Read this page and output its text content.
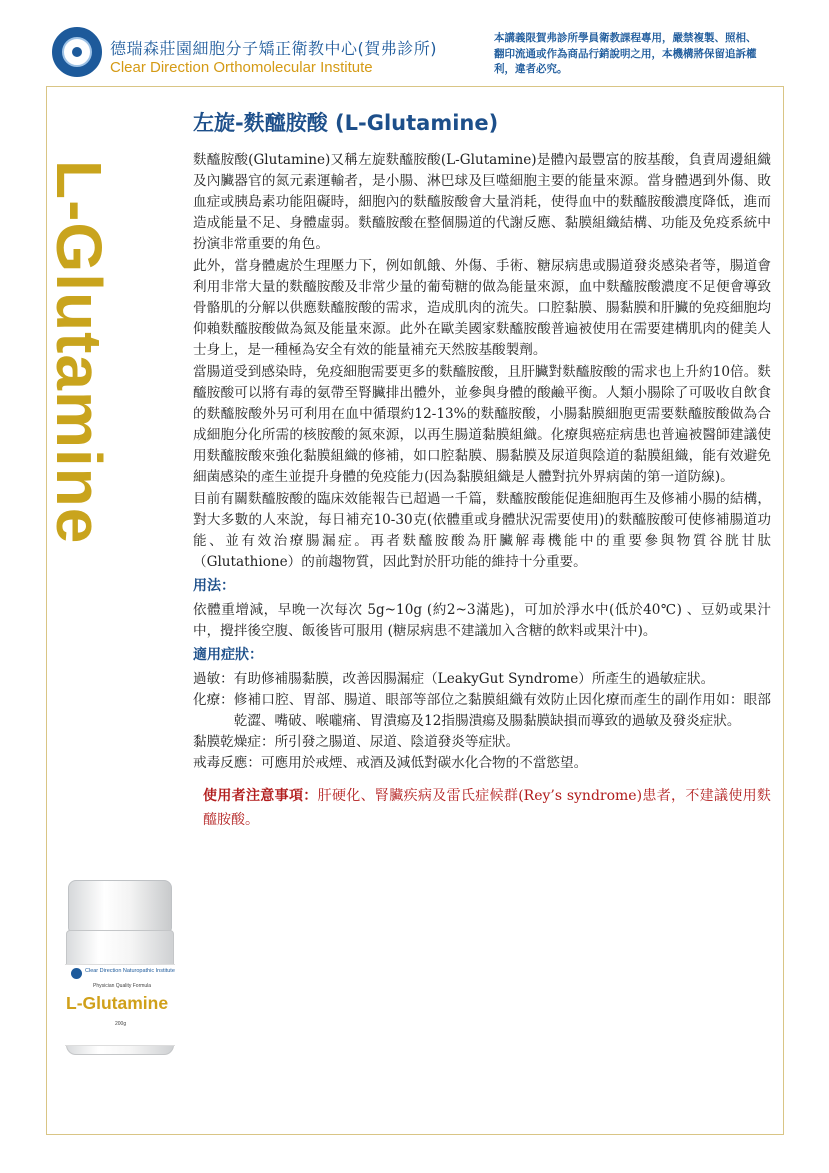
德瑞森莊園細胞分子矯正衛教中心(賀弗診所)
Clear Direction Orthomolecular Institute
本講義限賀弗診所學員衛教課程專用，嚴禁複製、照相、翻印流通或作為商品行銷說明之用，本機構將保留追訴權利，違者必究。
L-Glutamine
左旋-麩醯胺酸 (L-Glutamine)

麩醯胺酸(Glutamine)又稱左旋麩醯胺酸(L-Glutamine)是體內最豐富的胺基酸，負責周邊組織及內臟器官的氮元素運輸者，是小腸、淋巴球及巨噬細胞主要的能量來源。當身體遇到外傷、敗血症或胰島素功能阻礙時，細胞內的麩醯胺酸會大量消耗，使得血中的麩醯胺酸濃度降低，進而造成能量不足、身體虛弱。麩醯胺酸在整個腸道的代謝反應、黏膜組織結構、功能及免疫系統中扮演非常重要的角色。

此外，當身體處於生理壓力下，例如飢餓、外傷、手術、糖尿病患或腸道發炎感染者等，腸道會利用非常大量的麩醯胺酸及非常少量的葡萄糖的做為能量來源，血中麩醯胺酸濃度不足便會導致骨骼肌的分解以供應麩醯胺酸的需求，造成肌肉的流失。口腔黏膜、腸黏膜和肝臟的免疫細胞均仰賴麩醯胺酸做為氮及能量來源。此外在歐美國家麩醯胺酸普遍被使用在需要建構肌肉的健美人士身上，是一種極為安全有效的能量補充天然胺基酸製劑。

當腸道受到感染時，免疫細胞需要更多的麩醯胺酸，且肝臟對麩醯胺酸的需求也上升約10倍。麩醯胺酸可以將有毒的氨帶至腎臟排出體外，並參與身體的酸鹼平衡。人類小腸除了可吸收自飲食的麩醯胺酸外另可利用在血中循環約12-13%的麩醯胺酸，小腸黏膜細胞更需要麩醯胺酸做為合成細胞分化所需的核胺酸的氮來源，以再生腸道黏膜組織。化療與癌症病患也普遍被醫師建議使用麩醯胺酸來強化黏膜組織的修補，如口腔黏膜、腸黏膜及尿道與陰道的黏膜組織，能有效避免細菌感染的產生並提升身體的免疫能力(因為黏膜組織是人體對抗外界病菌的第一道防線)。

目前有關麩醯胺酸的臨床效能報告已超過一千篇，麩醯胺酸能促進細胞再生及修補小腸的結構，對大多數的人來說，每日補充10-30克(依體重或身體狀況需要使用)的麩醯胺酸可使修補腸道功能、並有效治療腸漏症。再者麩醯胺酸為肝臟解毒機能中的重要參與物質谷胱甘肽（Glutathione）的前趨物質，因此對於肝功能的維持十分重要。

用法：

依體重增減，早晚一次每次 5g~10g (約2~3滿匙)，可加於淨水中(低於40℃) 、豆奶或果汁中，攪拌後空腹、飯後皆可服用 (糖尿病患不建議加入含糖的飲料或果汁中)。

適用症狀：
過敏： 有助修補腸黏膜，改善因腸漏症（LeakyGut Syndrome）所產生的過敏症狀。
化療： 修補口腔、胃部、腸道、眼部等部位之黏膜組織有效防止因化療而產生的副作用如：眼部乾澀、嘴破、喉嚨痛、胃潰瘍及12指腸潰瘍及腸黏膜缺損而導致的過敏及發炎症狀。
黏膜乾燥症： 所引發之腸道、尿道、陰道發炎等症狀。
戒毒反應： 可應用於戒煙、戒酒及減低對碳水化合物的不當慾望。
使用者注意事項：肝硬化、腎臟疾病及雷氏症候群(Rey’s syndrome)患者，不建議使用麩醯胺酸。
Clear Direction Naturopathic Institute
Physician Quality Formula
L-Glutamine
200g
